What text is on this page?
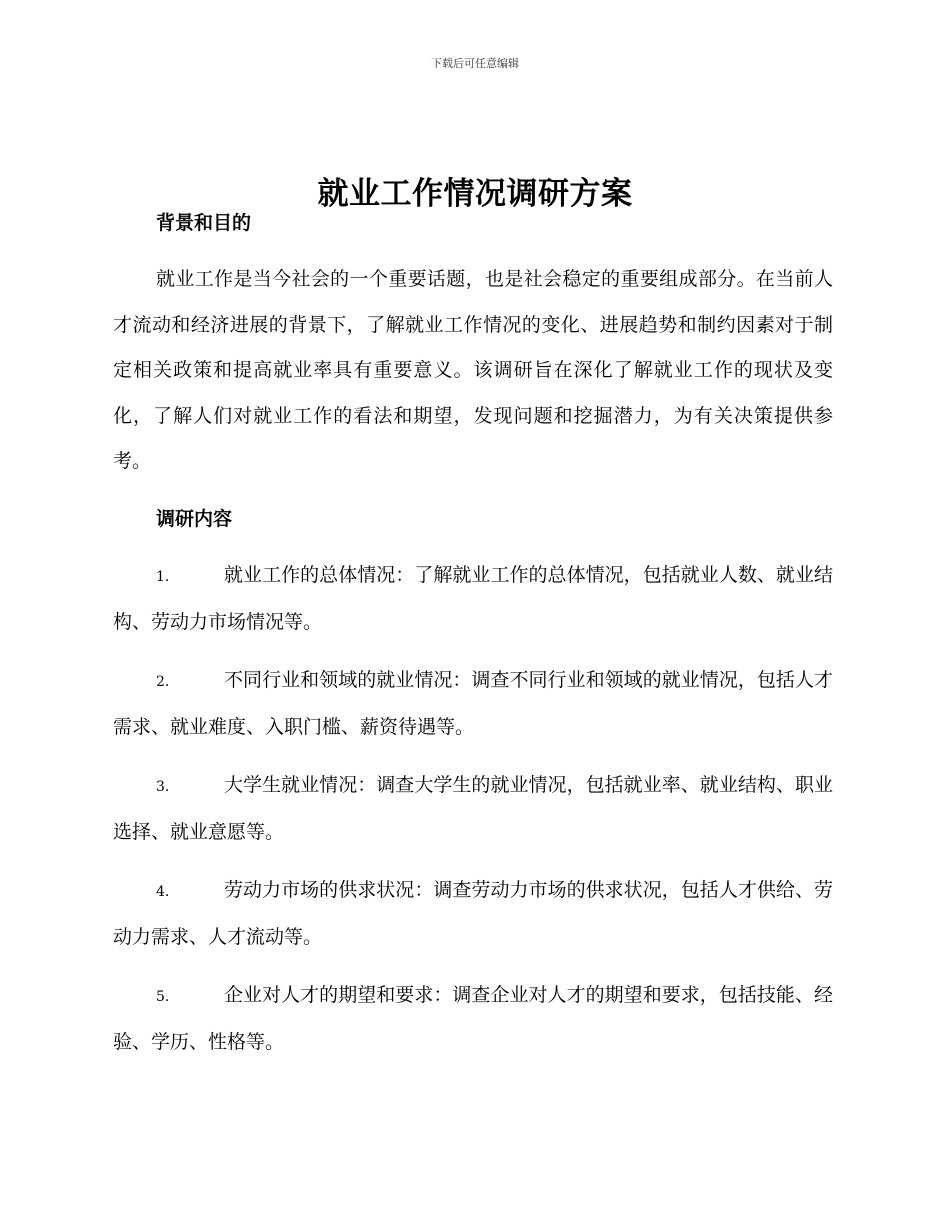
下载后可任意编辑
就业工作情况调研方案
背景和目的

就业工作是当今社会的一个重要话题，也是社会稳定的重要组成部分。在当前人才流动和经济进展的背景下，了解就业工作情况的变化、进展趋势和制约因素对于制定相关政策和提高就业率具有重要意义。该调研旨在深化了解就业工作的现状及变化，了解人们对就业工作的看法和期望，发现问题和挖掘潜力，为有关决策提供参考。

调研内容

1.	就业工作的总体情况：了解就业工作的总体情况，包括就业人数、就业结构、劳动力市场情况等。

2.	不同行业和领域的就业情况：调查不同行业和领域的就业情况，包括人才需求、就业难度、入职门槛、薪资待遇等。

3.	大学生就业情况：调查大学生的就业情况，包括就业率、就业结构、职业选择、就业意愿等。

4.	劳动力市场的供求状况：调查劳动力市场的供求状况，包括人才供给、劳动力需求、人才流动等。

5.	企业对人才的期望和要求：调查企业对人才的期望和要求，包括技能、经验、学历、性格等。
